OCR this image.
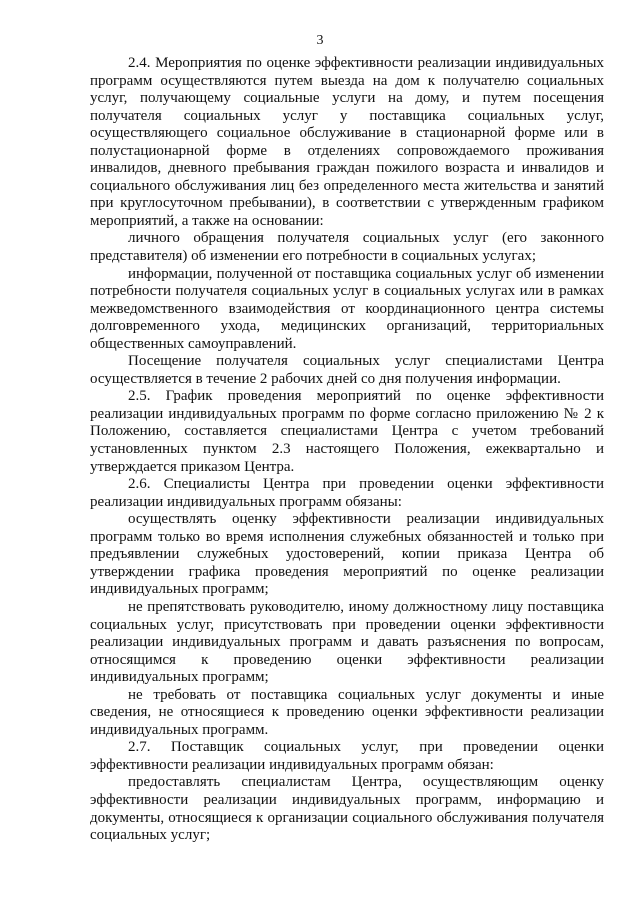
3

2.4. Мероприятия по оценке эффективности реализации индивидуальных программ осуществляются путем выезда на дом к получателю социальных услуг, получающему социальные услуги на дому, и путем посещения получателя социальных услуг у поставщика социальных услуг, осуществляющего социальное обслуживание в стационарной форме или в полустационарной форме в отделениях сопровождаемого проживания инвалидов, дневного пребывания граждан пожилого возраста и инвалидов и социального обслуживания лиц без определенного места жительства и занятий при круглосуточном пребывании), в соответствии с утвержденным графиком мероприятий, а также на основании:

личного обращения получателя социальных услуг (его законного представителя) об изменении его потребности в социальных услугах;

информации, полученной от поставщика социальных услуг об изменении потребности получателя социальных услуг в социальных услугах или в рамках межведомственного взаимодействия от координационного центра системы долговременного ухода, медицинских организаций, территориальных общественных самоуправлений.

Посещение получателя социальных услуг специалистами Центра осуществляется в течение 2 рабочих дней со дня получения информации.

2.5. График проведения мероприятий по оценке эффективности реализации индивидуальных программ по форме согласно приложению № 2 к Положению, составляется специалистами Центра с учетом требований установленных пунктом 2.3 настоящего Положения, ежеквартально и утверждается приказом Центра.

2.6. Специалисты Центра при проведении оценки эффективности реализации индивидуальных программ обязаны:

осуществлять оценку эффективности реализации индивидуальных программ только во время исполнения служебных обязанностей и только при предъявлении служебных удостоверений, копии приказа Центра об утверждении графика проведения мероприятий по оценке реализации индивидуальных программ;

не препятствовать руководителю, иному должностному лицу поставщика социальных услуг, присутствовать при проведении оценки эффективности реализации индивидуальных программ и давать разъяснения по вопросам, относящимся к проведению оценки эффективности реализации индивидуальных программ;

не требовать от поставщика социальных услуг документы и иные сведения, не относящиеся к проведению оценки эффективности реализации индивидуальных программ.

2.7. Поставщик социальных услуг, при проведении оценки эффективности реализации индивидуальных программ обязан:

предоставлять специалистам Центра, осуществляющим оценку эффективности реализации индивидуальных программ, информацию и документы, относящиеся к организации социального обслуживания получателя социальных услуг;
